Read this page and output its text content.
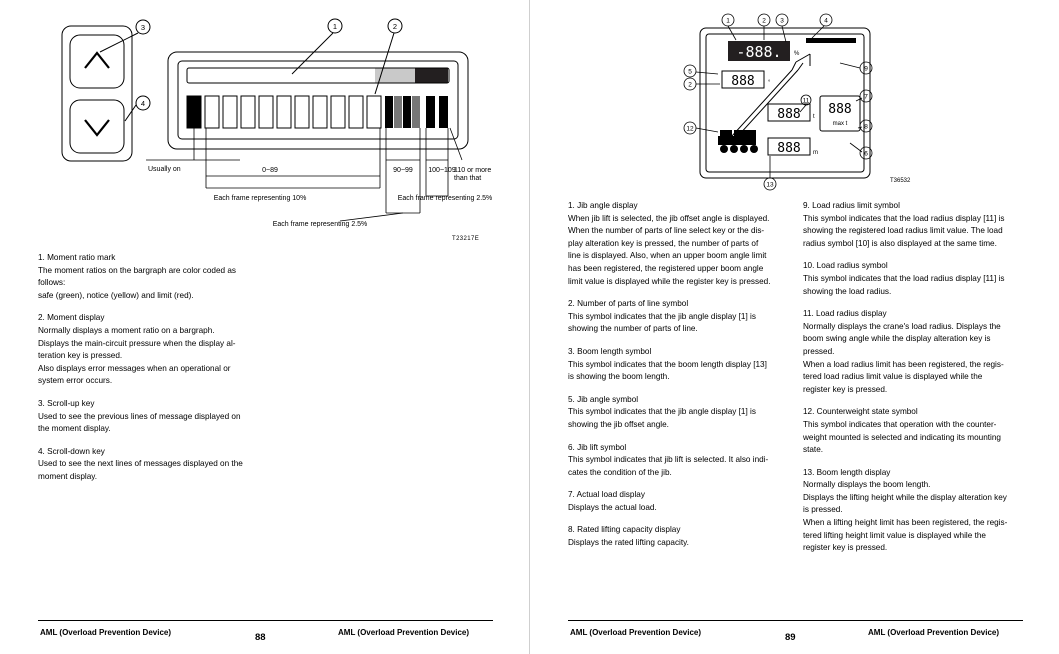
3
4
1	2
Usually on	0~89	90~99 100~109
110 or more
than that
Each frame representing 10%	Each frame representing 2.5%
Each frame representing 2.5%
T23217E
1. Moment ratio mark

The moment ratios on the bargraph are color coded as

follows:

safe (green), notice (yellow) and limit (red).

2. Moment display

Normally displays a moment ratio on a bargraph.

Displays the main-circuit pressure when the display al-

teration key is pressed.

Also displays error messages when an operational or

system error occurs.

3. Scroll-up key

Used to see the previous lines of message displayed on

the moment display.

4. Scroll-down key

Used to see the next lines of messages displayed on the

moment display.

AML (Overload Prevention Device)	88	AML (Overload Prevention Device)
-888. %
888 °
888 t 888
max t
888 m
1	2 3	4
9
7
8
6
5
2
12
13
11
T36532
1. Jib angle display

When jib lift is selected, the jib offset angle is displayed.

When the number of parts of line select key or the dis-

play alteration key is pressed, the number of parts of

line is displayed. Also, when an upper boom angle limit

has been registered, the registered upper boom angle

limit value is displayed while the register key is pressed.

2. Number of parts of line symbol

This symbol indicates that the jib angle display [1] is

showing the number of parts of line.

3. Boom length symbol

This symbol indicates that the boom length display [13]

is showing the boom length.

5. Jib angle symbol

This symbol indicates that the jib angle display [1] is

showing the jib offset angle.

6. Jib lift symbol

This symbol indicates that jib lift is selected. It also indi-

cates the condition of the jib.

7. Actual load display

Displays the actual load.

8. Rated lifting capacity display

Displays the rated lifting capacity.

9. Load radius limit symbol

This symbol indicates that the load radius display [11] is

showing the registered load radius limit value. The load

radius symbol [10] is also displayed at the same time.

10. Load radius symbol

This symbol indicates that the load radius display [11] is

showing the load radius.

11. Load radius display

Normally displays the crane's load radius. Displays the

boom swing angle while the display alteration key is

pressed.

When a load radius limit has been registered, the regis-

tered load radius limit value is displayed while the

register key is pressed.

12. Counterweight state symbol

This symbol indicates that operation with the counter-

weight mounted is selected and indicating its mounting

state.

13. Boom length display

Normally displays the boom length.

Displays the lifting height while the display alteration key

is pressed.

When a lifting height limit has been registered, the regis-

tered lifting height limit value is displayed while the

register key is pressed.

AML (Overload Prevention Device)	89	AML (Overload Prevention Device)
